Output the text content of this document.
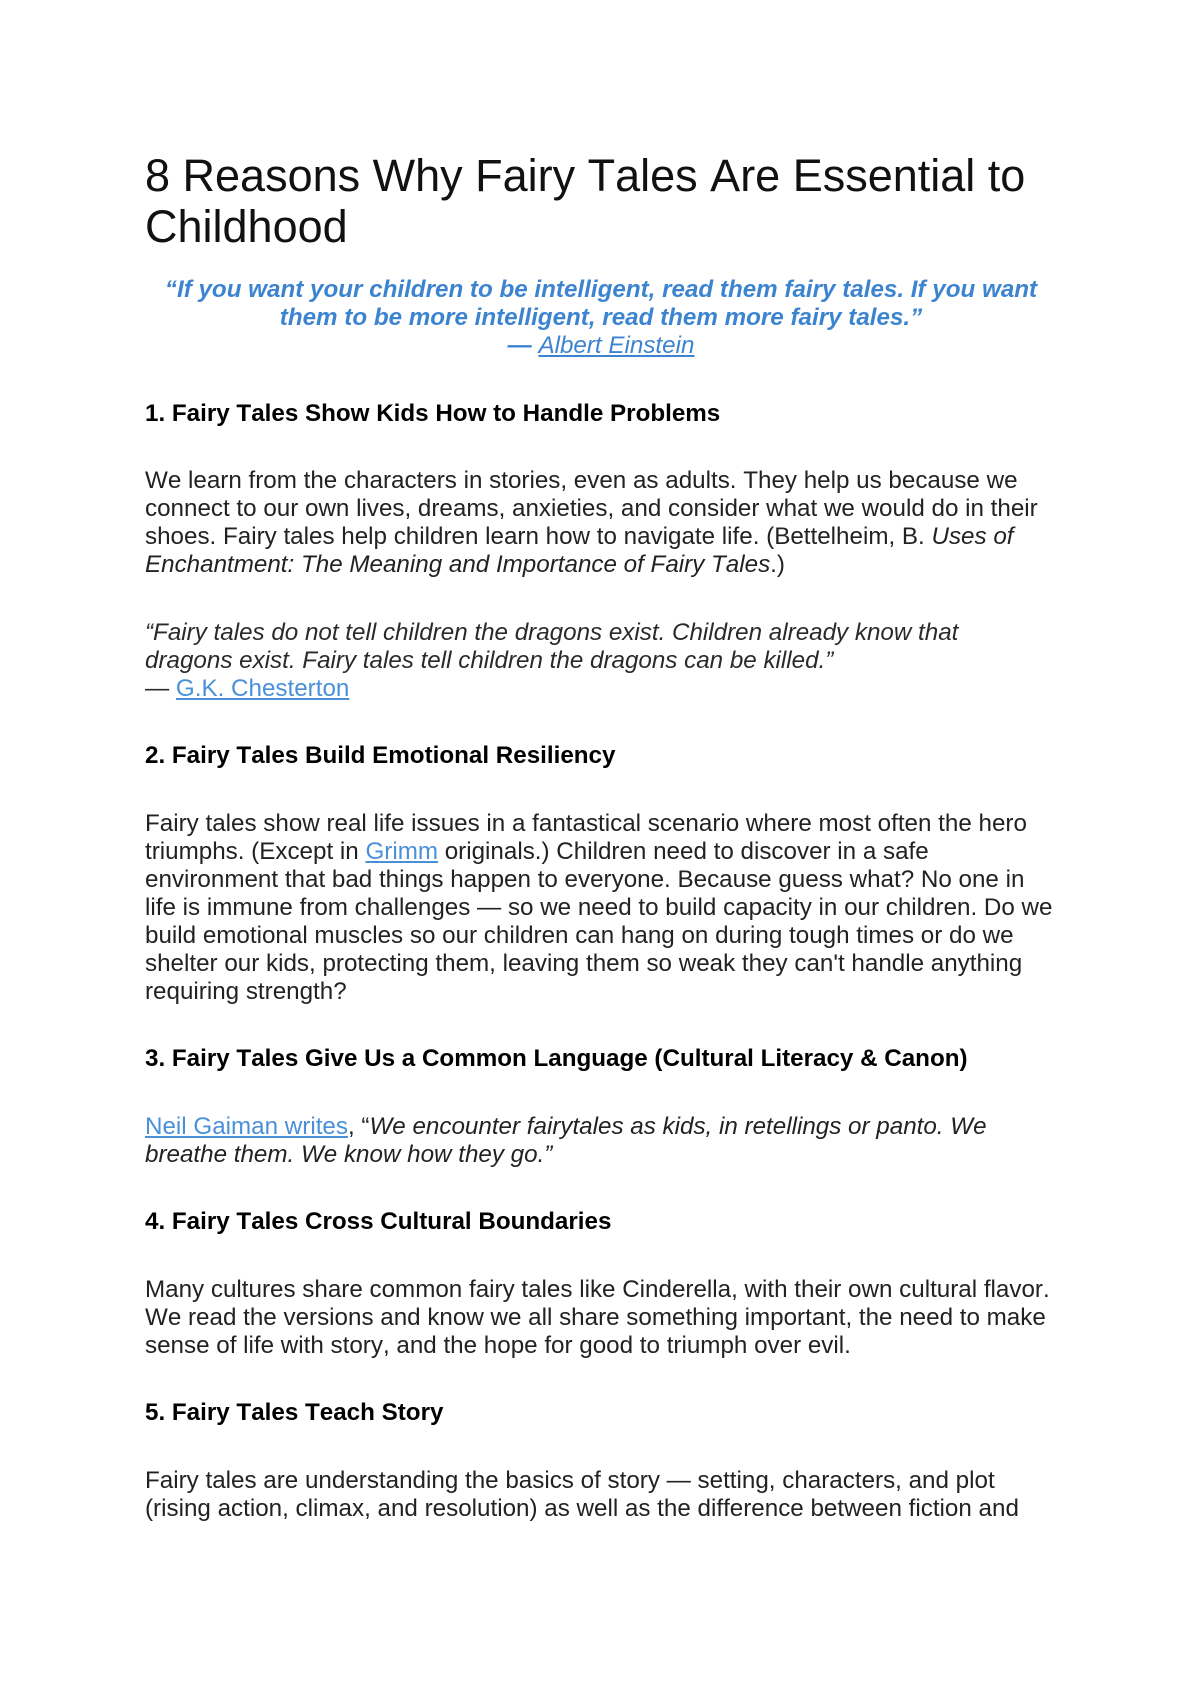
8 Reasons Why Fairy Tales Are Essential to
Childhood
“If you want your children to be intelligent, read them fairy tales. If you want
them to be more intelligent, read them more fairy tales.”
— Albert Einstein
1. Fairy Tales Show Kids How to Handle Problems
We learn from the characters in stories, even as adults. They help us because we
connect to our own lives, dreams, anxieties, and consider what we would do in their
shoes. Fairy tales help children learn how to navigate life. (Bettelheim, B. Uses of
Enchantment: The Meaning and Importance of Fairy Tales.)
“Fairy tales do not tell children the dragons exist. Children already know that
dragons exist. Fairy tales tell children the dragons can be killed.”
— G.K. Chesterton
2. Fairy Tales Build Emotional Resiliency
Fairy tales show real life issues in a fantastical scenario where most often the hero
triumphs. (Except in Grimm originals.) Children need to discover in a safe
environment that bad things happen to everyone. Because guess what? No one in
life is immune from challenges — so we need to build capacity in our children. Do we
build emotional muscles so our children can hang on during tough times or do we
shelter our kids, protecting them, leaving them so weak they can't handle anything
requiring strength?
3. Fairy Tales Give Us a Common Language (Cultural Literacy & Canon)
Neil Gaiman writes, “We encounter fairytales as kids, in retellings or panto. We
breathe them. We know how they go.”
4. Fairy Tales Cross Cultural Boundaries
Many cultures share common fairy tales like Cinderella, with their own cultural flavor.
We read the versions and know we all share something important, the need to make
sense of life with story, and the hope for good to triumph over evil.
5. Fairy Tales Teach Story
Fairy tales are understanding the basics of story — setting, characters, and plot
(rising action, climax, and resolution) as well as the difference between fiction and
